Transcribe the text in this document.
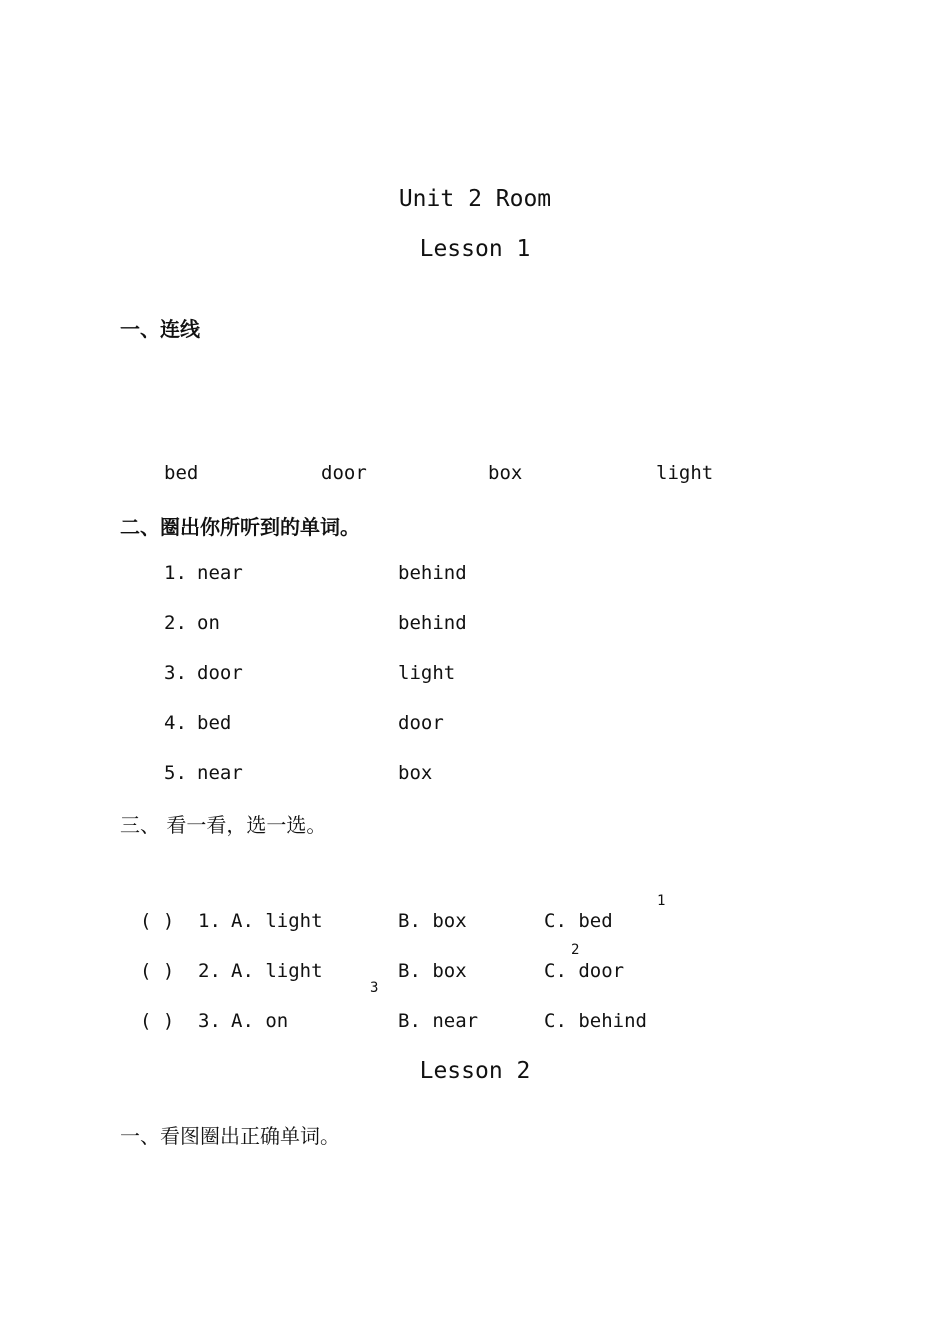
Unit 2 Room
Lesson 1
一、连线
bed	door	box	light
二、圈出你所听到的单词。
1. near	behind
2. on	behind
3. door	light
4. bed	door
5. near	box
三、 看一看，选一选。
1
2
3
( ) 1. A. light	B. box	C. bed
( ) 2. A. light	B. box	C. door
( ) 3. A. on	B. near	C. behind
Lesson 2
一、看图圈出正确单词。
